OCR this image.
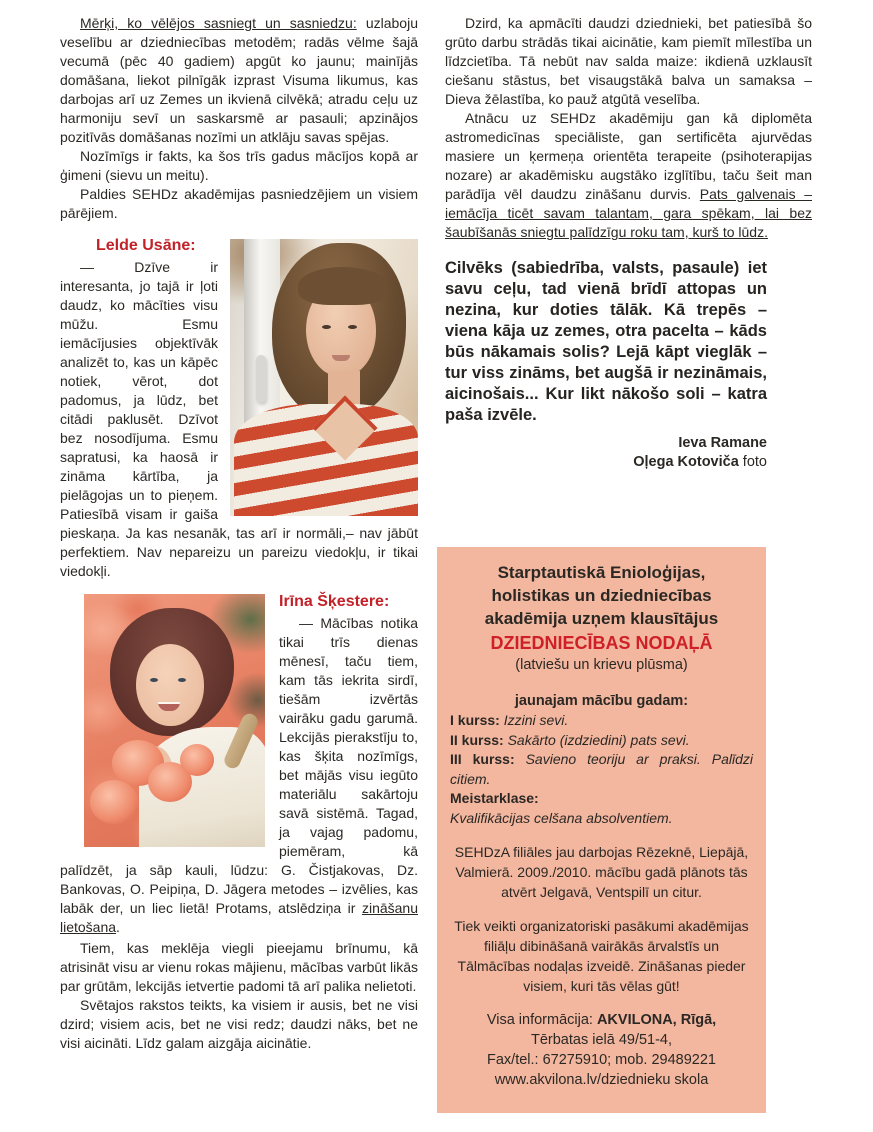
Mērķi, ko vēlējos sasniegt un sasniedzu: uzlaboju veselību ar dziedniecības metodēm; radās vēlme šajā vecumā (pēc 40 gadiem) apgūt ko jaunu; mainījās domāšana, liekot pilnīgāk izprast Visuma likumus, kas darbojas arī uz Zemes un ikvienā cilvēkā; atradu ceļu uz harmoniju sevī un saskarsmē ar pasauli; apzinājos pozitīvās domāšanas nozīmi un atklāju savas spējas.

Nozīmīgs ir fakts, ka šos trīs gadus mācījos kopā ar ģimeni (sievu un meitu).

Paldies SEHDz akadēmijas pasniedzējiem un visiem pārējiem.

Lelde Usāne:

— Dzīve ir interesanta, jo tajā ir ļoti daudz, ko mācīties visu mūžu. Esmu iemācījusies objektīvāk analizēt to, kas un kāpēc notiek, vērot, dot padomus, ja lūdz, bet citādi paklusēt. Dzīvot bez nosodījuma. Esmu sapratusi, ka haosā ir zināma kārtība, ja pielāgojas un to pieņem. Patiesībā visam ir gaiša pieskaņa. Ja kas nesanāk, tas arī ir normāli,– nav jābūt perfektiem. Nav nepareizu un pareizu viedokļu, ir tikai viedokļi.

Irīna Šķestere:

— Mācības notika tikai trīs dienas mēnesī, taču tiem, kam tās iekrita sirdī, tiešām izvērtās vairāku gadu garumā. Lekcijās pierakstīju to, kas šķita nozīmīgs, bet mājās visu iegūto materiālu sakārtoju savā sistēmā. Tagad, ja vajag padomu, piemēram, kā palīdzēt, ja sāp kauli, lūdzu: G. Čistjakovas, Dz. Bankovas, O. Peipiņa, D. Jāgera metodes – izvēlies, kas labāk der, un liec lietā! Protams, atslēdziņa ir zināšanu lietošana.

Tiem, kas meklēja viegli pieejamu brīnumu, kā atrisināt visu ar vienu rokas mājienu, mācības varbūt likās par grūtām, lekcijās ietvertie padomi tā arī palika nelietoti.

Svētajos rakstos teikts, ka visiem ir ausis, bet ne visi dzird; visiem acis, bet ne visi redz; daudzi nāks, bet ne visi aicināti. Līdz galam aizgāja aicinātie.

Dzird, ka apmācīti daudzi dziednieki, bet patiesībā šo grūto darbu strādās tikai aicinātie, kam piemīt mīlestība un līdzcietība. Tā nebūt nav salda maize: ikdienā uzklausīt ciešanu stāstus, bet visaugstākā balva un samaksa – Dieva žēlastība, ko pauž atgūtā veselība.

Atnācu uz SEHDz akadēmiju gan kā diplomēta astromedicīnas speciāliste, gan sertificēta ajurvēdas masiere un ķermeņa orientēta terapeite (psihoterapijas nozare) ar akadēmisku augstāko izglītību, taču šeit man parādīja vēl daudzu zināšanu durvis. Pats galvenais – iemācīja ticēt savam talantam, gara spēkam, lai bez šaubīšanās sniegtu palīdzīgu roku tam, kurš to lūdz.

Cilvēks (sabiedrība, valsts, pasaule) iet savu ceļu, tad vienā brīdī attopas un nezina, kur doties tālāk. Kā trepēs – viena kāja uz zemes, otra pacelta – kāds būs nākamais solis? Lejā kāpt vieglāk – tur viss zināms, bet augšā ir nezināmais, aicinošais... Kur likt nākošo soli – katra paša izvēle.

Ieva Ramane
Oļega Kotoviča foto

Starptautiskā Enioloģijas,
holistikas un dziedniecības
akadēmija uzņem klausītājus

DZIEDNIECĪBAS NODAĻĀ

(latviešu un krievu plūsma)

jaunajam mācību gadam:

I kurss: Izzini sevi.
II kurss: Sakārto (izdziedini) pats sevi.
III kurss: Savieno teoriju ar praksi. Palīdzi citiem.
Meistarklase:
Kvalifikācijas celšana absolventiem.

SEHDzA filiāles jau darbojas Rēzeknē, Liepājā, Valmierā. 2009./2010. mācību gadā plānots tās atvērt Jelgavā, Ventspilī un citur.

Tiek veikti organizatoriski pasākumi akadēmijas filiāļu dibināšanā vairākās ārvalstīs un Tālmācības nodaļas izveidē. Zināšanas pieder visiem, kuri tās vēlas gūt!

Visa informācija: AKVILONA, Rīgā,
Tērbatas ielā 49/51-4,
Fax/tel.: 67275910; mob. 29489221
www.akvilona.lv/dziednieku skola
